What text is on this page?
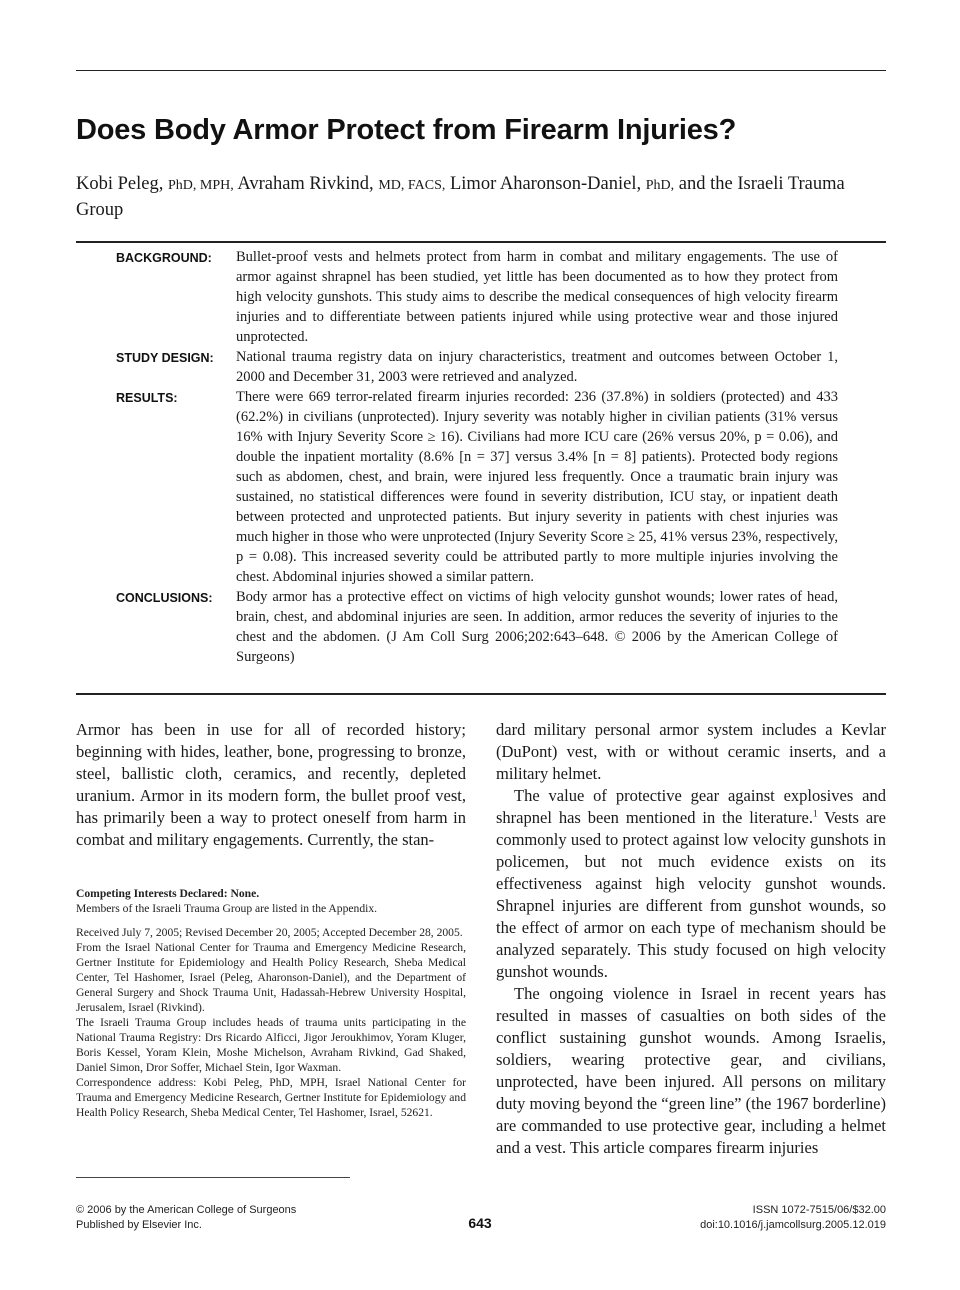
Does Body Armor Protect from Firearm Injuries?
Kobi Peleg, PhD, MPH, Avraham Rivkind, MD, FACS, Limor Aharonson-Daniel, PhD, and the Israeli Trauma Group
BACKGROUND:	Bullet-proof vests and helmets protect from harm in combat and military engagements. The use of armor against shrapnel has been studied, yet little has been documented as to how they protect from high velocity gunshots. This study aims to describe the medical consequences of high velocity firearm injuries and to differentiate between patients injured while using protective wear and those injured unprotected.
STUDY DESIGN:	National trauma registry data on injury characteristics, treatment and outcomes between October 1, 2000 and December 31, 2003 were retrieved and analyzed.
RESULTS:	There were 669 terror-related firearm injuries recorded: 236 (37.8%) in soldiers (protected) and 433 (62.2%) in civilians (unprotected). Injury severity was notably higher in civilian patients (31% versus 16% with Injury Severity Score ≥ 16). Civilians had more ICU care (26% versus 20%, p = 0.06), and double the inpatient mortality (8.6% [n = 37] versus 3.4% [n = 8] patients). Protected body regions such as abdomen, chest, and brain, were injured less frequently. Once a traumatic brain injury was sustained, no statistical differences were found in severity distribution, ICU stay, or inpatient death between protected and unprotected patients. But injury severity in patients with chest injuries was much higher in those who were unprotected (Injury Severity Score ≥ 25, 41% versus 23%, respectively, p = 0.08). This increased severity could be attributed partly to more multiple injuries involving the chest. Abdominal injuries showed a similar pattern.
CONCLUSIONS:	Body armor has a protective effect on victims of high velocity gunshot wounds; lower rates of head, brain, chest, and abdominal injuries are seen. In addition, armor reduces the severity of injuries to the chest and the abdomen. (J Am Coll Surg 2006;202:643–648. © 2006 by the American College of Surgeons)

Armor has been in use for all of recorded history; beginning with hides, leather, bone, progressing to bronze, steel, ballistic cloth, ceramics, and recently, depleted uranium. Armor in its modern form, the bullet proof vest, has primarily been a way to protect oneself from harm in combat and military engagements. Currently, the stan-

Competing Interests Declared: None.

Members of the Israeli Trauma Group are listed in the Appendix.

Received July 7, 2005; Revised December 20, 2005; Accepted December 28, 2005.

From the Israel National Center for Trauma and Emergency Medicine Research, Gertner Institute for Epidemiology and Health Policy Research, Sheba Medical Center, Tel Hashomer, Israel (Peleg, Aharonson-Daniel), and the Department of General Surgery and Shock Trauma Unit, Hadassah-Hebrew University Hospital, Jerusalem, Israel (Rivkind).

The Israeli Trauma Group includes heads of trauma units participating in the National Trauma Registry: Drs Ricardo Alficci, Jigor Jeroukhimov, Yoram Kluger, Boris Kessel, Yoram Klein, Moshe Michelson, Avraham Rivkind, Gad Shaked, Daniel Simon, Dror Soffer, Michael Stein, Igor Waxman.

Correspondence address: Kobi Peleg, PhD, MPH, Israel National Center for Trauma and Emergency Medicine Research, Gertner Institute for Epidemiology and Health Policy Research, Sheba Medical Center, Tel Hashomer, Israel, 52621.

dard military personal armor system includes a Kevlar (DuPont) vest, with or without ceramic inserts, and a military helmet.

The value of protective gear against explosives and shrapnel has been mentioned in the literature.$^1$ Vests are commonly used to protect against low velocity gunshots in policemen, but not much evidence exists on its effectiveness against high velocity gunshot wounds. Shrapnel injuries are different from gunshot wounds, so the effect of armor on each type of mechanism should be analyzed separately. This study focused on high velocity gunshot wounds.

The ongoing violence in Israel in recent years has resulted in masses of casualties on both sides of the conflict sustaining gunshot wounds. Among Israelis, soldiers, wearing protective gear, and civilians, unprotected, have been injured. All persons on military duty moving beyond the “green line” (the 1967 borderline) are commanded to use protective gear, including a helmet and a vest. This article compares firearm injuries

© 2006 by the American College of Surgeons
Published by Elsevier Inc.	643
ISSN 1072-7515/06/$32.00
doi:10.1016/j.jamcollsurg.2005.12.019
